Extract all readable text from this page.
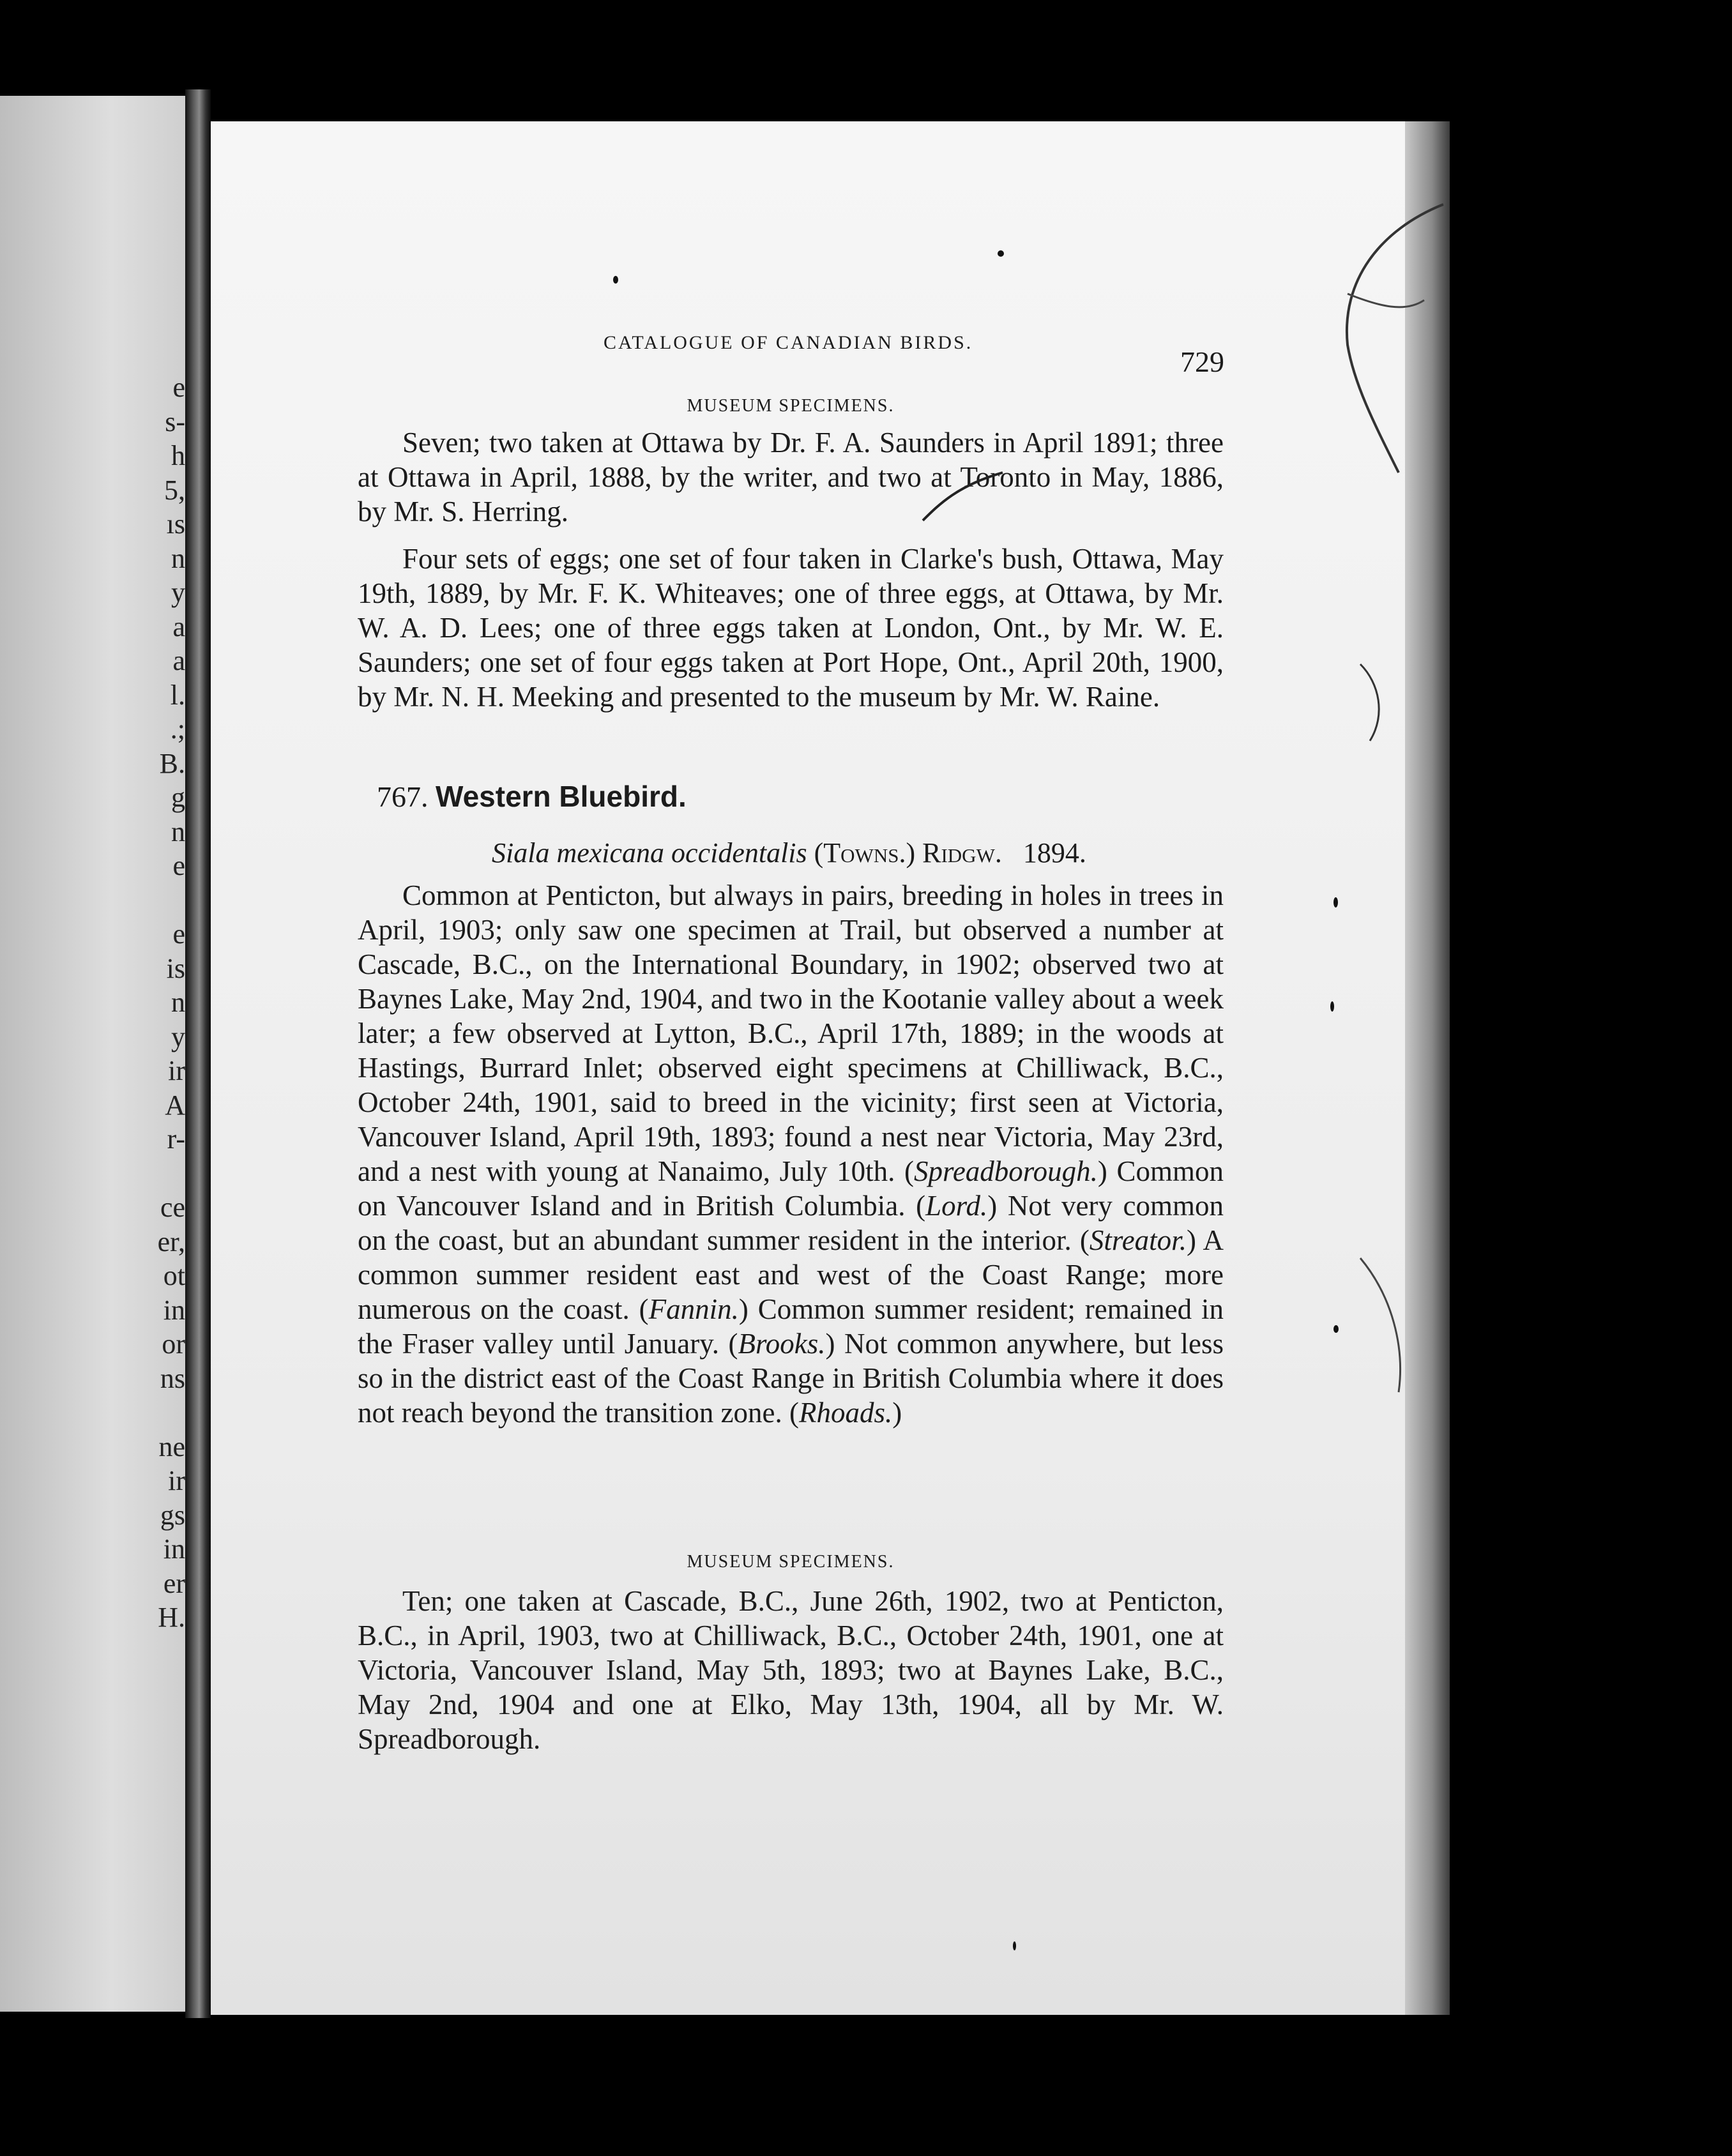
e
s-
h
5,
ıs
n
y
a
a
l.
.;
B.
g
n
e
e
is
n
y
ir
A
r-
ce
er,
ot
in
or
ns
ne
ir
gs
in
er
H.
CATALOGUE OF CANADIAN BIRDS.
729
MUSEUM SPECIMENS.

Seven; two taken at Ottawa by Dr. F. A. Saunders in April 1891; three at Ottawa in April, 1888, by the writer, and two at Toronto in May, 1886, by Mr. S. Herring.

Four sets of eggs; one set of four taken in Clarke's bush, Ottawa, May 19th, 1889, by Mr. F. K. Whiteaves; one of three eggs, at Ottawa, by Mr. W. A. D. Lees; one of three eggs taken at London, Ont., by Mr. W. E. Saunders; one set of four eggs taken at Port Hope, Ont., April 20th, 1900, by Mr. N. H. Meeking and presented to the museum by Mr. W. Raine.

767. Western Bluebird.
Siala mexicana occidentalis (Towns.) Ridgw. 1894.

Common at Penticton, but always in pairs, breeding in holes in trees in April, 1903; only saw one specimen at Trail, but observed a number at Cascade, B.C., on the International Boundary, in 1902; observed two at Baynes Lake, May 2nd, 1904, and two in the Kootanie valley about a week later; a few observed at Lytton, B.C., April 17th, 1889; in the woods at Hastings, Burrard Inlet; observed eight specimens at Chilliwack, B.C., October 24th, 1901, said to breed in the vicinity; first seen at Victoria, Vancouver Island, April 19th, 1893; found a nest near Victoria, May 23rd, and a nest with young at Nanaimo, July 10th. (Spreadborough.) Common on Vancouver Island and in British Columbia. (Lord.) Not very common on the coast, but an abundant summer resident in the interior. (Streator.) A common summer resident east and west of the Coast Range; more numerous on the coast. (Fannin.) Common summer resident; remained in the Fraser valley until January. (Brooks.) Not common anywhere, but less so in the district east of the Coast Range in British Columbia where it does not reach beyond the transition zone. (Rhoads.)

MUSEUM SPECIMENS.

Ten; one taken at Cascade, B.C., June 26th, 1902, two at Penticton, B.C., in April, 1903, two at Chilliwack, B.C., October 24th, 1901, one at Victoria, Vancouver Island, May 5th, 1893; two at Baynes Lake, B.C., May 2nd, 1904 and one at Elko, May 13th, 1904, all by Mr. W. Spreadborough.
